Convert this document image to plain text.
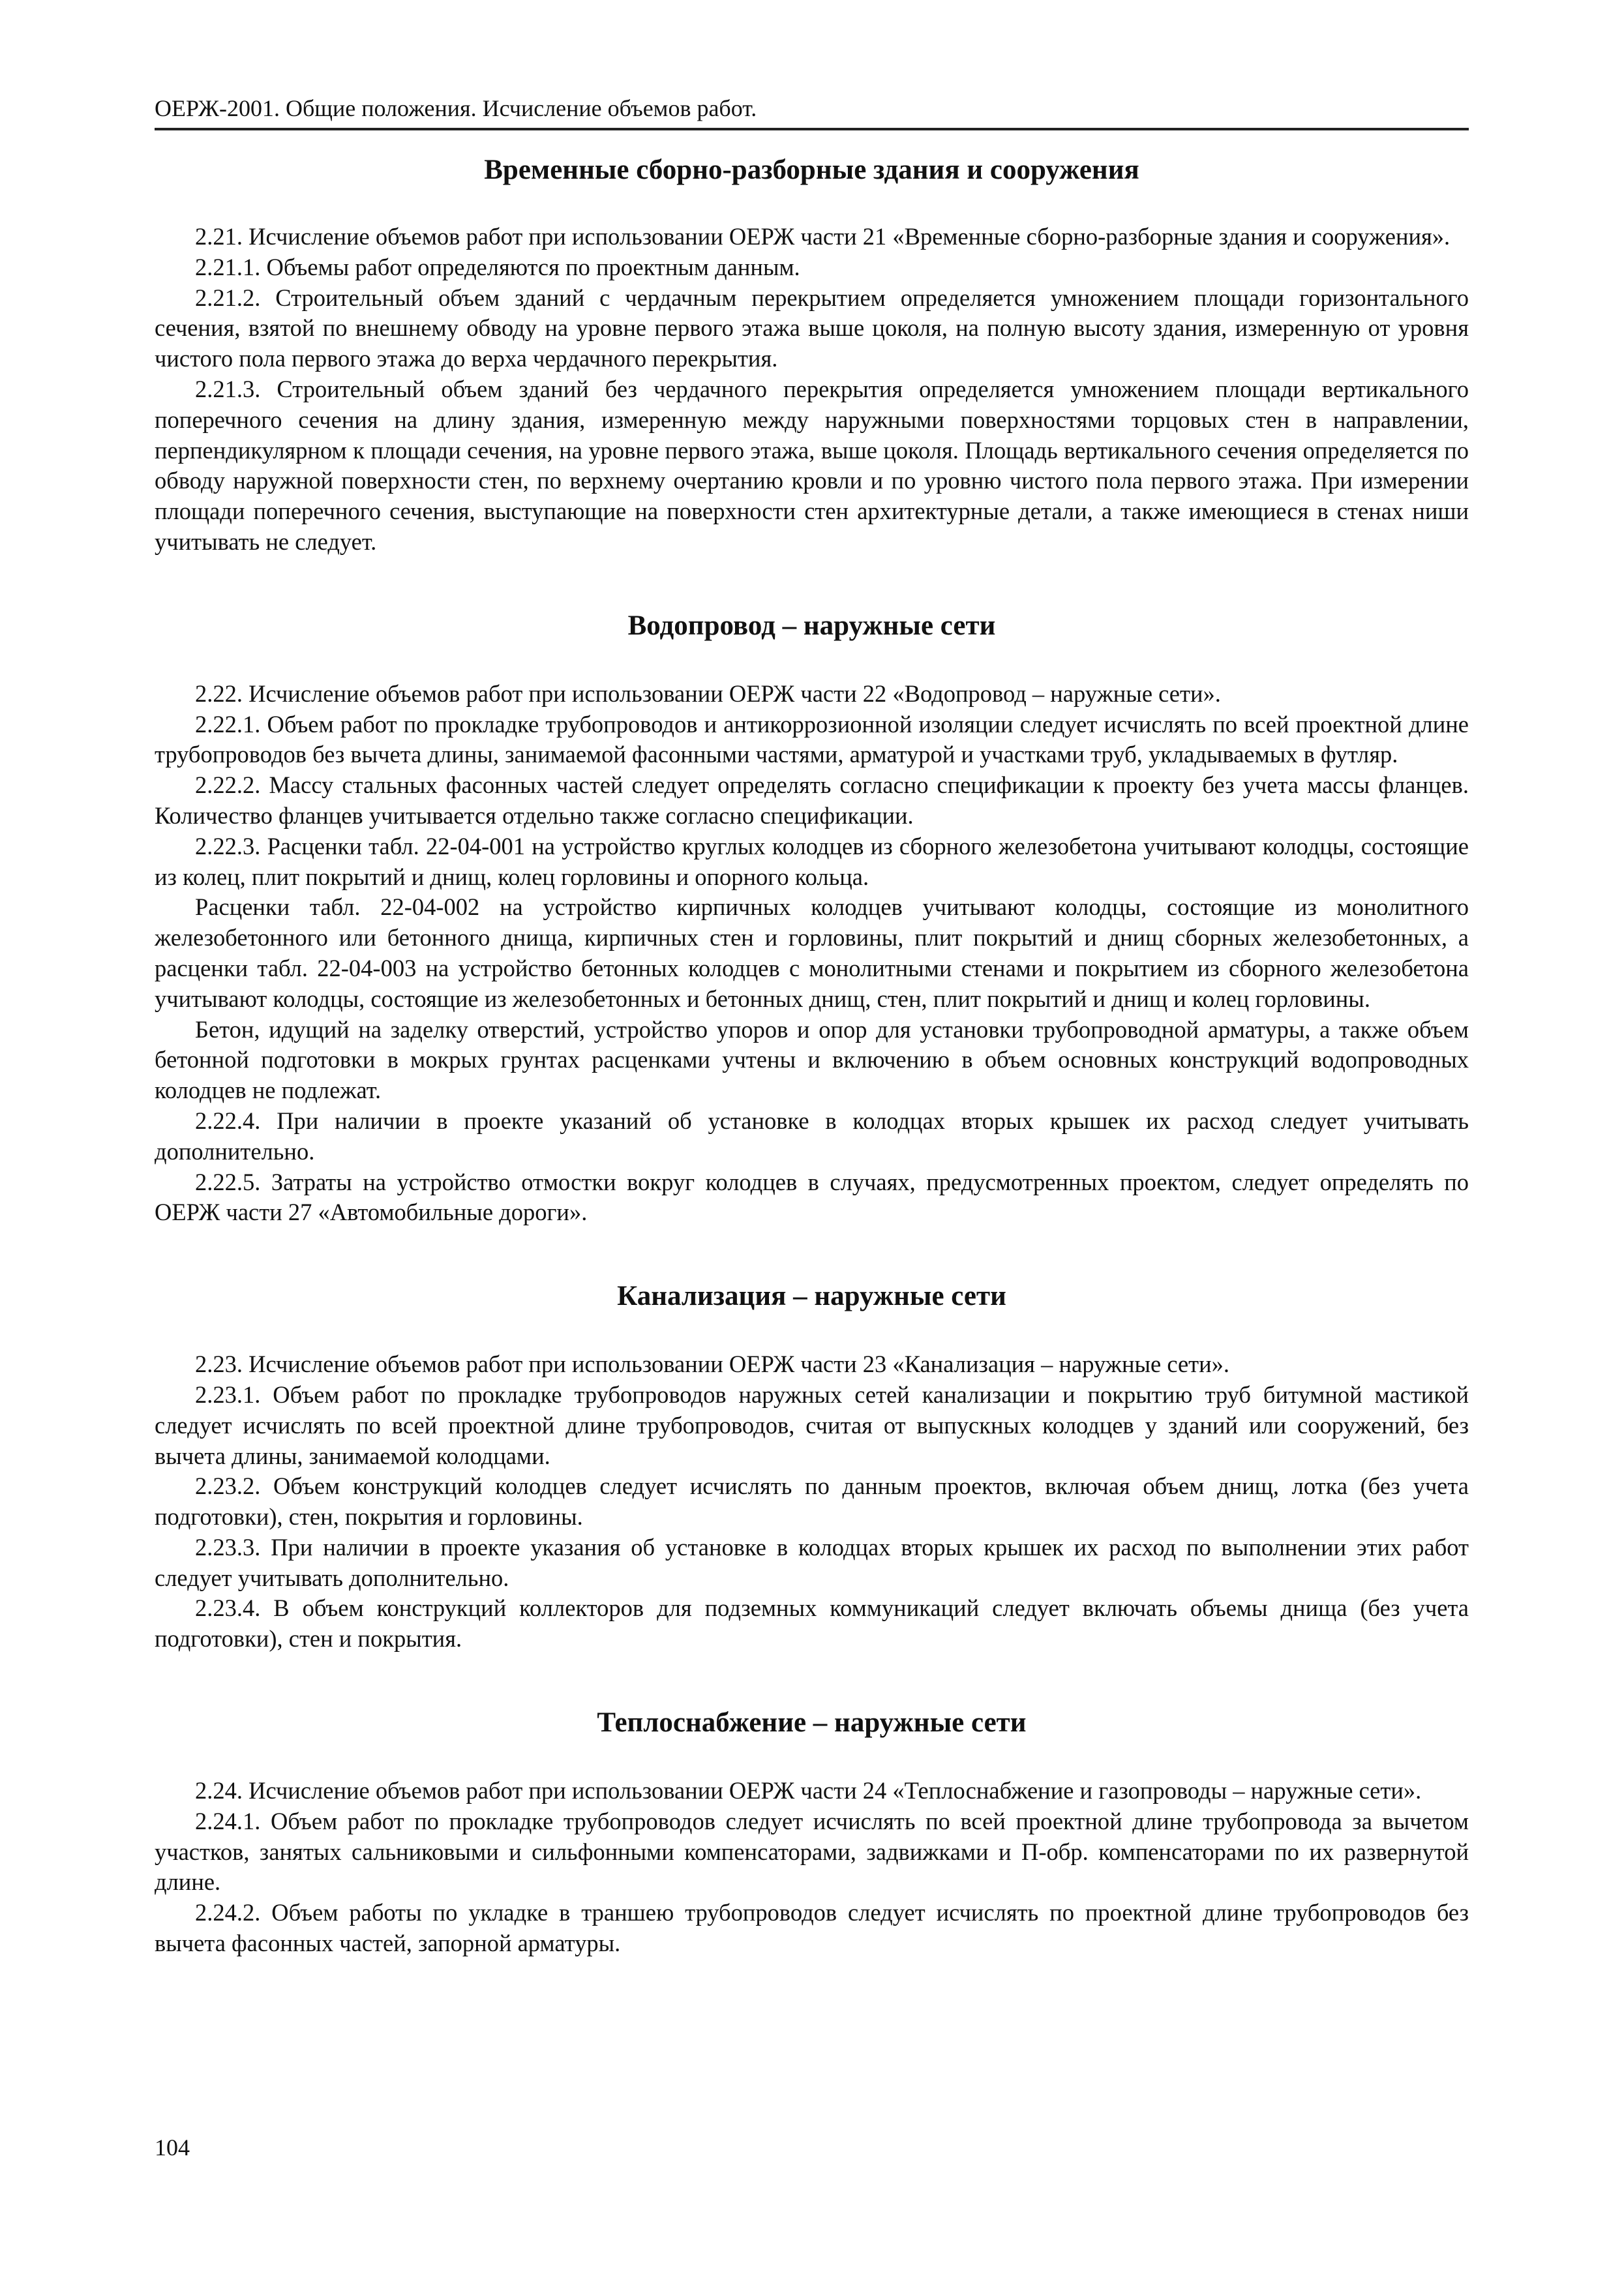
ОЕРЖ-2001. Общие положения. Исчисление объемов работ.
Временные сборно-разборные здания и сооружения

2.21. Исчисление объемов работ при использовании ОЕРЖ части 21 «Временные сборно-разборные здания и сооружения».

2.21.1. Объемы работ определяются по проектным данным.

2.21.2. Строительный объем зданий с чердачным перекрытием определяется умножением площади горизонтального сечения, взятой по внешнему обводу на уровне первого этажа выше цоколя, на полную высоту здания, измеренную от уровня чистого пола первого этажа до верха чердачного перекрытия.

2.21.3. Строительный объем зданий без чердачного перекрытия определяется умножением площади вертикального поперечного сечения на длину здания, измеренную между наружными поверхностями торцовых стен в направлении, перпендикулярном к площади сечения, на уровне первого этажа, выше цоколя. Площадь вертикального сечения определяется по обводу наружной поверхности стен, по верхнему очертанию кровли и по уровню чистого пола первого этажа. При измерении площади поперечного сечения, выступающие на поверхности стен архитектурные детали, а также имеющиеся в стенах ниши учитывать не следует.

Водопровод – наружные сети

2.22. Исчисление объемов работ при использовании ОЕРЖ части 22 «Водопровод – наружные сети».

2.22.1. Объем работ по прокладке трубопроводов и антикоррозионной изоляции следует исчислять по всей проектной длине трубопроводов без вычета длины, занимаемой фасонными частями, арматурой и участками труб, укладываемых в футляр.

2.22.2. Массу стальных фасонных частей следует определять согласно спецификации к проекту без учета массы фланцев. Количество фланцев учитывается отдельно также согласно спецификации.

2.22.3. Расценки табл. 22-04-001 на устройство круглых колодцев из сборного железобетона учитывают колодцы, состоящие из колец, плит покрытий и днищ, колец горловины и опорного кольца.

Расценки табл. 22-04-002 на устройство кирпичных колодцев учитывают колодцы, состоящие из монолитного железобетонного или бетонного днища, кирпичных стен и горловины, плит покрытий и днищ сборных железобетонных, а расценки табл. 22-04-003 на устройство бетонных колодцев с монолитными стенами и покрытием из сборного железобетона учитывают колодцы, состоящие из железобетонных и бетонных днищ, стен, плит покрытий и днищ и колец горловины.

Бетон, идущий на заделку отверстий, устройство упоров и опор для установки трубопроводной арматуры, а также объем бетонной подготовки в мокрых грунтах расценками учтены и включению в объем основных конструкций водопроводных колодцев не подлежат.

2.22.4. При наличии в проекте указаний об установке в колодцах вторых крышек их расход следует учитывать дополнительно.

2.22.5. Затраты на устройство отмостки вокруг колодцев в случаях, предусмотренных проектом, следует определять по ОЕРЖ части 27 «Автомобильные дороги».

Канализация – наружные сети

2.23. Исчисление объемов работ при использовании ОЕРЖ части 23 «Канализация – наружные сети».

2.23.1. Объем работ по прокладке трубопроводов наружных сетей канализации и покрытию труб битумной мастикой следует исчислять по всей проектной длине трубопроводов, считая от выпускных колодцев у зданий или сооружений, без вычета длины, занимаемой колодцами.

2.23.2. Объем конструкций колодцев следует исчислять по данным проектов, включая объем днищ, лотка (без учета подготовки), стен, покрытия и горловины.

2.23.3. При наличии в проекте указания об установке в колодцах вторых крышек их расход по выполнении этих работ следует учитывать дополнительно.

2.23.4. В объем конструкций коллекторов для подземных коммуникаций следует включать объемы днища (без учета подготовки), стен и покрытия.

Теплоснабжение – наружные сети

2.24. Исчисление объемов работ при использовании ОЕРЖ части 24 «Теплоснабжение и газопроводы – наружные сети».

2.24.1. Объем работ по прокладке трубопроводов следует исчислять по всей проектной длине трубопровода за вычетом участков, занятых сальниковыми и сильфонными компенсаторами, задвижками и П-обр. компенсаторами по их развернутой длине.

2.24.2. Объем работы по укладке в траншею трубопроводов следует исчислять по проектной длине трубопроводов без вычета фасонных частей, запорной арматуры.

104
